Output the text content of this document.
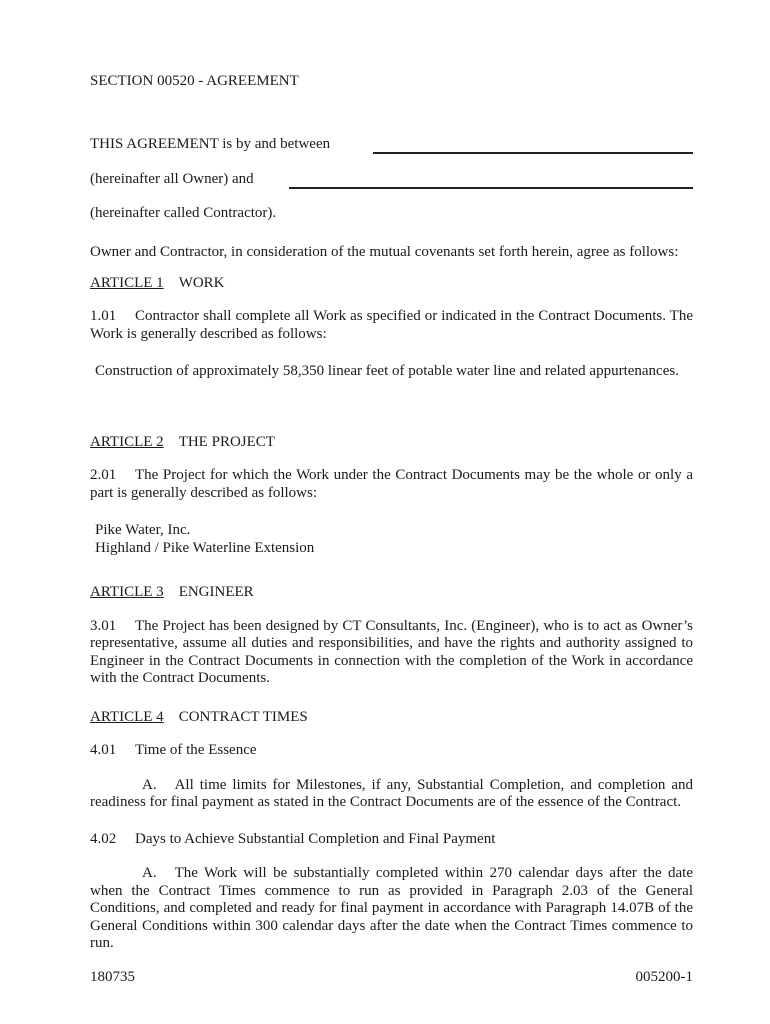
SECTION 00520 - AGREEMENT

THIS AGREEMENT is by and between
(hereinafter all Owner) and

(hereinafter called Contractor).

Owner and Contractor, in consideration of the mutual covenants set forth herein, agree as follows:

ARTICLE 1 WORK

1.01 Contractor shall complete all Work as specified or indicated in the Contract Documents. The Work is generally described as follows:

Construction of approximately 58,350 linear feet of potable water line and related appurtenances.

ARTICLE 2 THE PROJECT

2.01 The Project for which the Work under the Contract Documents may be the whole or only a part is generally described as follows:

Pike Water, Inc.

Highland / Pike Waterline Extension

ARTICLE 3 ENGINEER

3.01 The Project has been designed by CT Consultants, Inc. (Engineer), who is to act as Owner’s representative, assume all duties and responsibilities, and have the rights and authority assigned to Engineer in the Contract Documents in connection with the completion of the Work in accordance with the Contract Documents.

ARTICLE 4 CONTRACT TIMES

4.01 Time of the Essence

A. All time limits for Milestones, if any, Substantial Completion, and completion and readiness for final payment as stated in the Contract Documents are of the essence of the Contract.

4.02 Days to Achieve Substantial Completion and Final Payment

A. The Work will be substantially completed within 270 calendar days after the date when the Contract Times commence to run as provided in Paragraph 2.03 of the General Conditions, and completed and ready for final payment in accordance with Paragraph 14.07B of the General Conditions within 300 calendar days after the date when the Contract Times commence to run.

180735	005200-1
